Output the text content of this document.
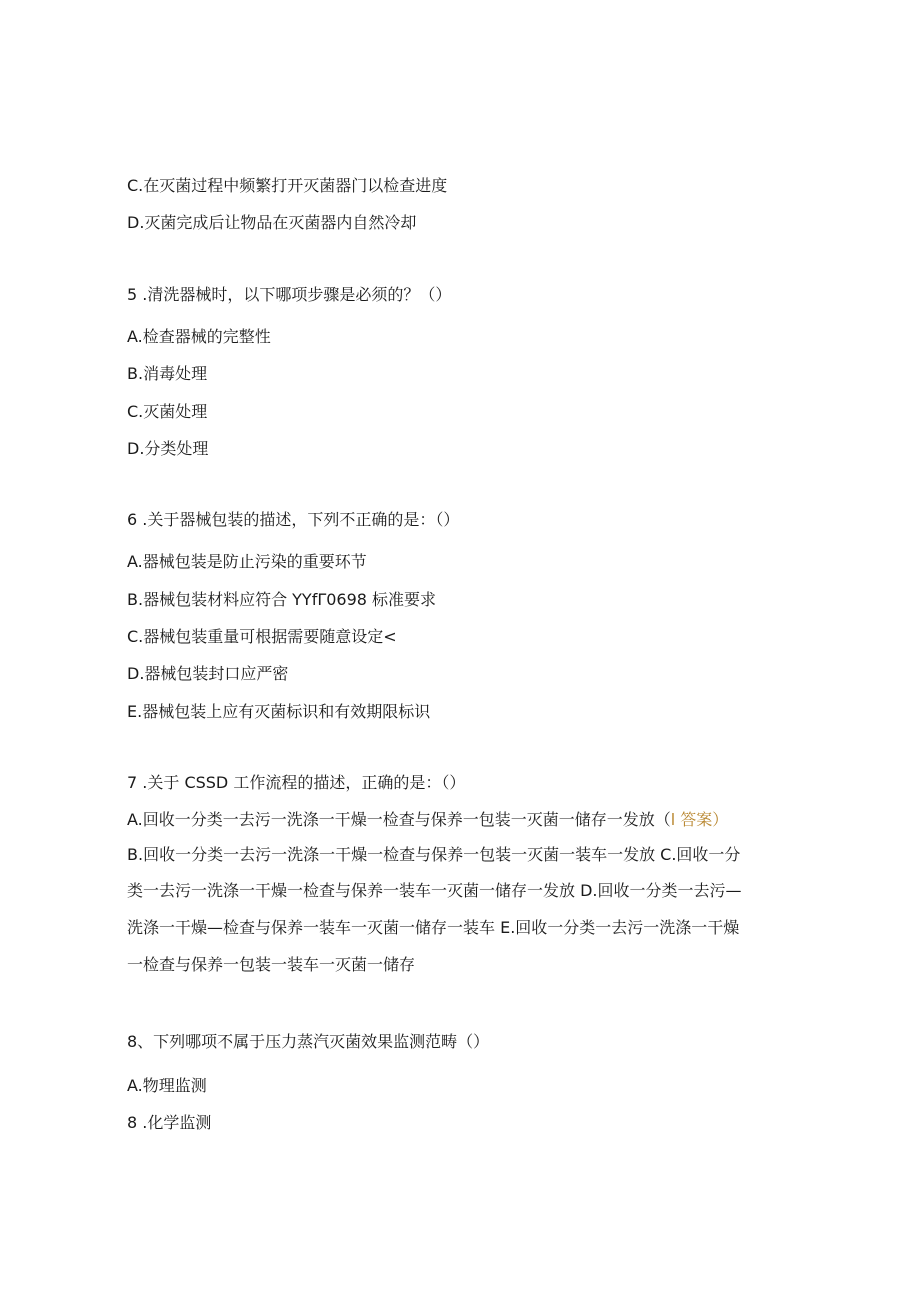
C.在灭菌过程中频繁打开灭菌器门以检查进度
D.灭菌完成后让物品在灭菌器内自然冷却
5 .清洗器械时，以下哪项步骤是必须的？（）
A.检查器械的完整性
B.消毒处理
C.灭菌处理
D.分类处理
6 .关于器械包装的描述，下列不正确的是：（）
A.器械包装是防止污染的重要环节
B.器械包装材料应符合 YYfΓ0698 标准要求
C.器械包装重量可根据需要随意设定<
D.器械包装封口应严密
E.器械包装上应有灭菌标识和有效期限标识
7 .关于 CSSD 工作流程的描述，正确的是：（）
A.回收一分类一去污一洗涤一干燥一检查与保养一包装一灭菌一储存一发放（l 答案）
B.回收一分类一去污一洗涤一干燥一检查与保养一包装一灭菌一装车一发放 C.回收一分
类一去污一洗涤一干燥一检查与保养一装车一灭菌一储存一发放 D.回收一分类一去污—
洗涤一干燥—检查与保养一装车一灭菌一储存一装车 E.回收一分类一去污一洗涤一干燥
一检查与保养一包装一装车一灭菌一储存
8、下列哪项不属于压力蒸汽灭菌效果监测范畴（）
A.物理监测
8 .化学监测
